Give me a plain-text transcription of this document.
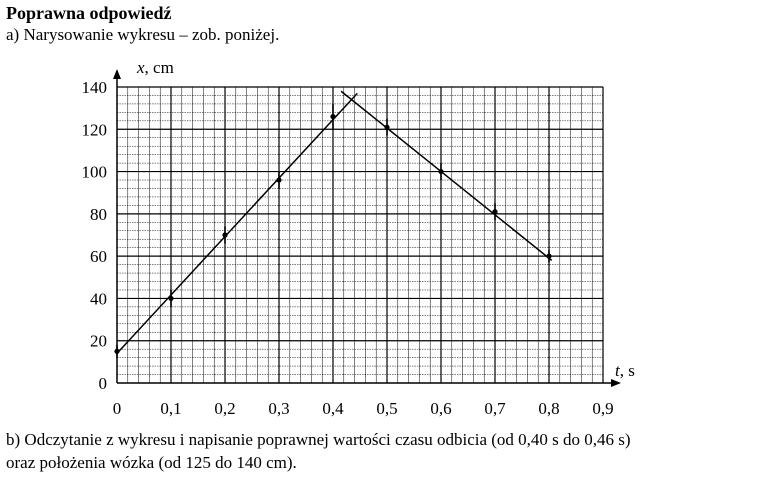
Poprawna odpowiedź
a) Narysowanie wykresu – zob. poniżej.
0 0,1 0,2 0,3 0,4 0,5 0,6 0,7 0,8 0,9
0
20
40
60
80
100
120
140
x, cm
t, s
b) Odczytanie z wykresu i napisanie poprawnej wartości czasu odbicia (od 0,40 s do 0,46 s)
oraz położenia wózka (od 125 do 140 cm).
